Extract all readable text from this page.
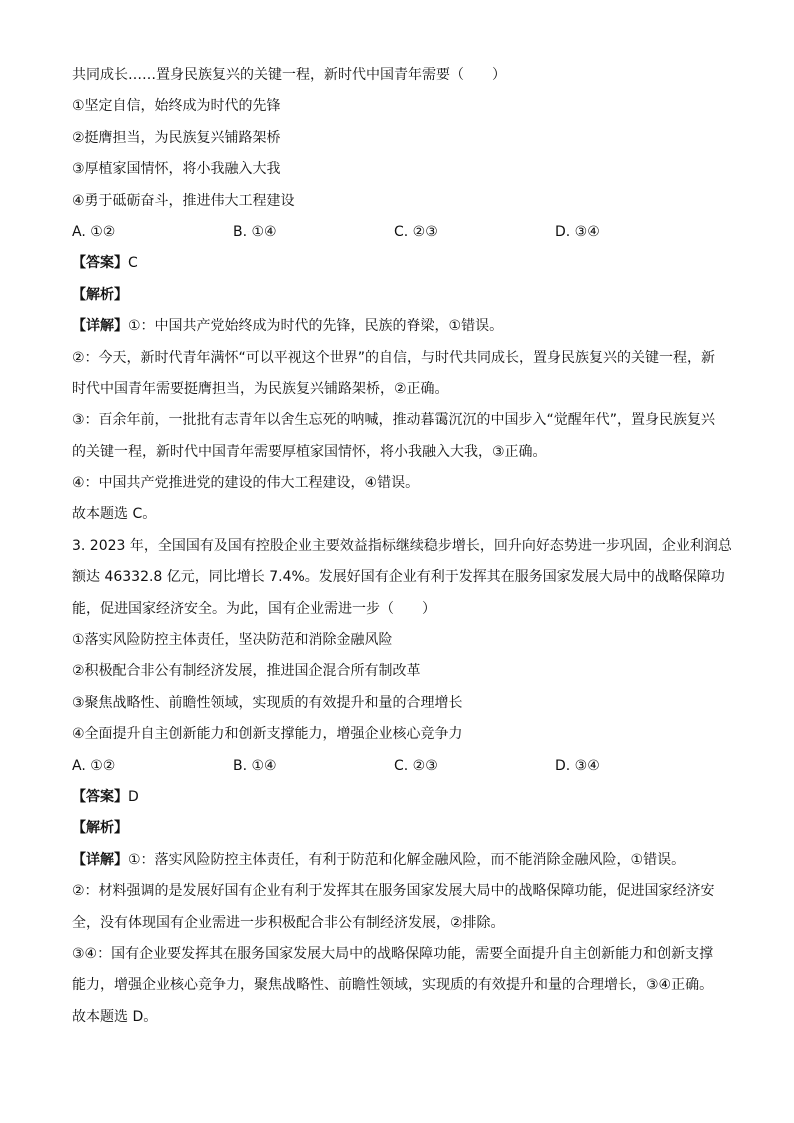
共同成长……置身民族复兴的关键一程，新时代中国青年需要（　　）
①坚定自信，始终成为时代的先锋
②挺膺担当，为民族复兴铺路架桥
③厚植家国情怀，将小我融入大我
④勇于砥砺奋斗，推进伟大工程建设
A. ①②	B. ①④	C. ②③	D. ③④
【答案】C
【解析】
【详解】①：中国共产党始终成为时代的先锋，民族的脊梁，①错误。
②：今天，新时代青年满怀“可以平视这个世界”的自信，与时代共同成长，置身民族复兴的关键一程，新
时代中国青年需要挺膺担当，为民族复兴铺路架桥，②正确。
③：百余年前，一批批有志青年以舍生忘死的呐喊，推动暮霭沉沉的中国步入“觉醒年代”，置身民族复兴
的关键一程，新时代中国青年需要厚植家国情怀，将小我融入大我，③正确。
④：中国共产党推进党的建设的伟大工程建设，④错误。
故本题选 C。
3. 2023 年，全国国有及国有控股企业主要效益指标继续稳步增长，回升向好态势进一步巩固，企业利润总
额达 46332.8 亿元，同比增长 7.4%。发展好国有企业有利于发挥其在服务国家发展大局中的战略保障功
能，促进国家经济安全。为此，国有企业需进一步（　　）
①落实风险防控主体责任，坚决防范和消除金融风险
②积极配合非公有制经济发展，推进国企混合所有制改革
③聚焦战略性、前瞻性领域，实现质的有效提升和量的合理增长
④全面提升自主创新能力和创新支撑能力，增强企业核心竞争力
A. ①②	B. ①④	C. ②③	D. ③④
【答案】D
【解析】
【详解】①：落实风险防控主体责任，有利于防范和化解金融风险，而不能消除金融风险，①错误。
②：材料强调的是发展好国有企业有利于发挥其在服务国家发展大局中的战略保障功能，促进国家经济安
全，没有体现国有企业需进一步积极配合非公有制经济发展，②排除。
③④：国有企业要发挥其在服务国家发展大局中的战略保障功能，需要全面提升自主创新能力和创新支撑
能力，增强企业核心竞争力，聚焦战略性、前瞻性领域，实现质的有效提升和量的合理增长，③④正确。
故本题选 D。
